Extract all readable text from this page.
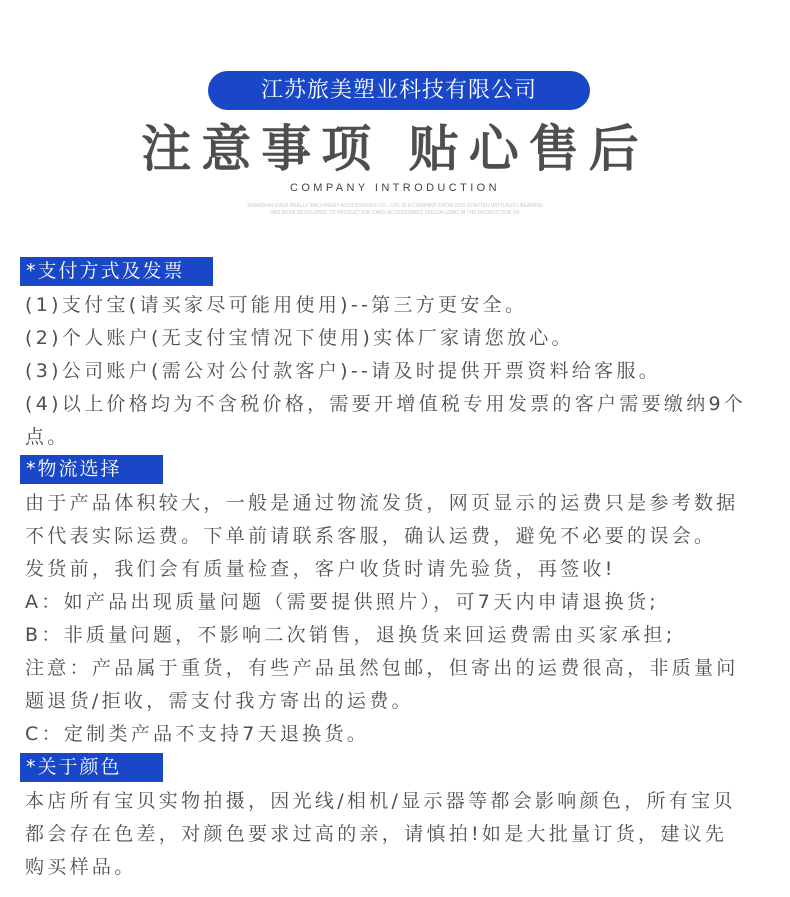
江苏旅美塑业科技有限公司
注意事项 贴心售后
COMPANY INTRODUCTION
SHANGHAI EVER REALLY MACHINERY ACCESSORIES CO., LTD. IS A COMPANY FROM 2002 STARTED WITH AUTO BEARING
HAS BEEN DEVELOPED TO PRODUCTION CARS ACCESSORIES SPECIALIZING IN THE PRODUCTION OF
*支付方式及发票
(1)支付宝(请买家尽可能用使用)--第三方更安全。
(2)个人账户(无支付宝情况下使用)实体厂家请您放心。
(3)公司账户(需公对公付款客户)--请及时提供开票资料给客服。
(4)以上价格均为不含税价格，需要开增值税专用发票的客户需要缴纳9个
点。
*物流选择
由于产品体积较大，一般是通过物流发货，网页显示的运费只是参考数据
不代表实际运费。下单前请联系客服，确认运费，避免不必要的误会。
发货前，我们会有质量检查，客户收货时请先验货，再签收!
A：如产品出现质量问题（需要提供照片），可7天内申请退换货;
B：非质量问题，不影响二次销售，退换货来回运费需由买家承担;
注意：产品属于重货，有些产品虽然包邮，但寄出的运费很高，非质量问
题退货/拒收，需支付我方寄出的运费。
C：定制类产品不支持7天退换货。
*关于颜色
本店所有宝贝实物拍摄，因光线/相机/显示器等都会影响颜色，所有宝贝
都会存在色差，对颜色要求过高的亲，请慎拍!如是大批量订货，建议先
购买样品。
